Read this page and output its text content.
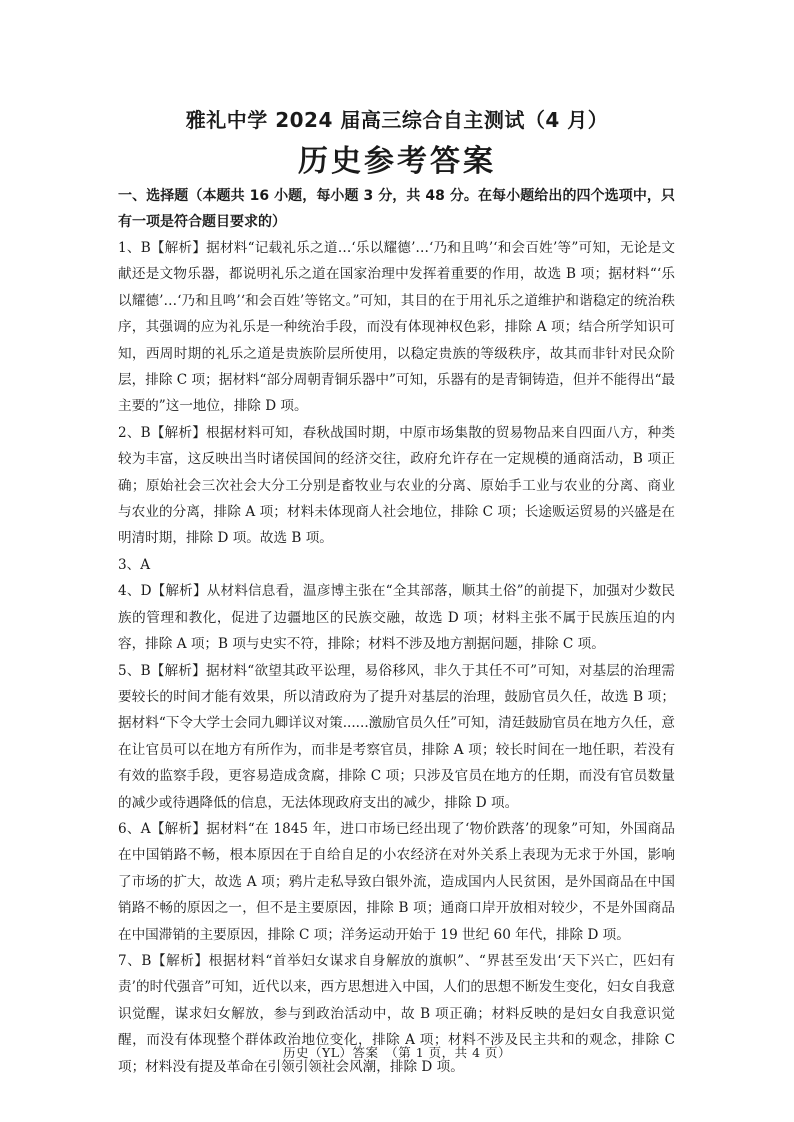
雅礼中学 2024 届高三综合自主测试（4 月）
历史参考答案

一、选择题（本题共 16 小题，每小题 3 分，共 48 分。在每小题给出的四个选项中，只有一项是符合题目要求的）

1、B【解析】据材料“记载礼乐之道…‘乐以耀德’…‘乃和且鸣’‘和会百姓’等”可知，无论是文献还是文物乐器，都说明礼乐之道在国家治理中发挥着重要的作用，故选 B 项；据材料“‘乐以耀德’…‘乃和且鸣’‘和会百姓’等铭文。”可知，其目的在于用礼乐之道维护和谐稳定的统治秩序，其强调的应为礼乐是一种统治手段，而没有体现神权色彩，排除 A 项；结合所学知识可知，西周时期的礼乐之道是贵族阶层所使用，以稳定贵族的等级秩序，故其而非针对民众阶层，排除 C 项；据材料“部分周朝青铜乐器中”可知，乐器有的是青铜铸造，但并不能得出“最主要的”这一地位，排除 D 项。

2、B【解析】根据材料可知，春秋战国时期，中原市场集散的贸易物品来自四面八方，种类较为丰富，这反映出当时诸侯国间的经济交往，政府允许存在一定规模的通商活动，B 项正确；原始社会三次社会大分工分别是畜牧业与农业的分离、原始手工业与农业的分离、商业与农业的分离，排除 A 项；材料未体现商人社会地位，排除 C 项；长途贩运贸易的兴盛是在明清时期，排除 D 项。故选 B 项。

3、A

4、D【解析】从材料信息看，温彦博主张在“全其部落，顺其土俗”的前提下，加强对少数民族的管理和教化，促进了边疆地区的民族交融，故选 D 项；材料主张不属于民族压迫的内容，排除 A 项；B 项与史实不符，排除；材料不涉及地方割据问题，排除 C 项。

5、B【解析】据材料“欲望其政平讼理，易俗移风，非久于其任不可”可知，对基层的治理需要较长的时间才能有效果，所以清政府为了提升对基层的治理，鼓励官员久任，故选 B 项；据材料“下令大学士会同九卿详议对策......激励官员久任”可知，清廷鼓励官员在地方久任，意在让官员可以在地方有所作为，而非是考察官员，排除 A 项；较长时间在一地任职，若没有有效的监察手段，更容易造成贪腐，排除 C 项；只涉及官员在地方的任期，而没有官员数量的减少或待遇降低的信息，无法体现政府支出的减少，排除 D 项。

6、A【解析】据材料“在 1845 年，进口市场已经出现了‘物价跌落’的现象”可知，外国商品在中国销路不畅，根本原因在于自给自足的小农经济在对外关系上表现为无求于外国，影响了市场的扩大，故选 A 项；鸦片走私导致白银外流，造成国内人民贫困，是外国商品在中国销路不畅的原因之一，但不是主要原因，排除 B 项；通商口岸开放相对较少，不是外国商品在中国滞销的主要原因，排除 C 项；洋务运动开始于 19 世纪 60 年代，排除 D 项。

7、B【解析】根据材料“首举妇女谋求自身解放的旗帜”、“界甚至发出‘天下兴亡，匹妇有责’的时代强音”可知，近代以来，西方思想进入中国，人们的思想不断发生变化，妇女自我意识觉醒，谋求妇女解放，参与到政治活动中，故 B 项正确；材料反映的是妇女自我意识觉醒，而没有体现整个群体政治地位变化，排除 A 项；材料不涉及民主共和的观念，排除 C 项；材料没有提及革命在引领引领社会风潮，排除 D 项。

历史（YL）答案　（第 1 页，共 4 页）
